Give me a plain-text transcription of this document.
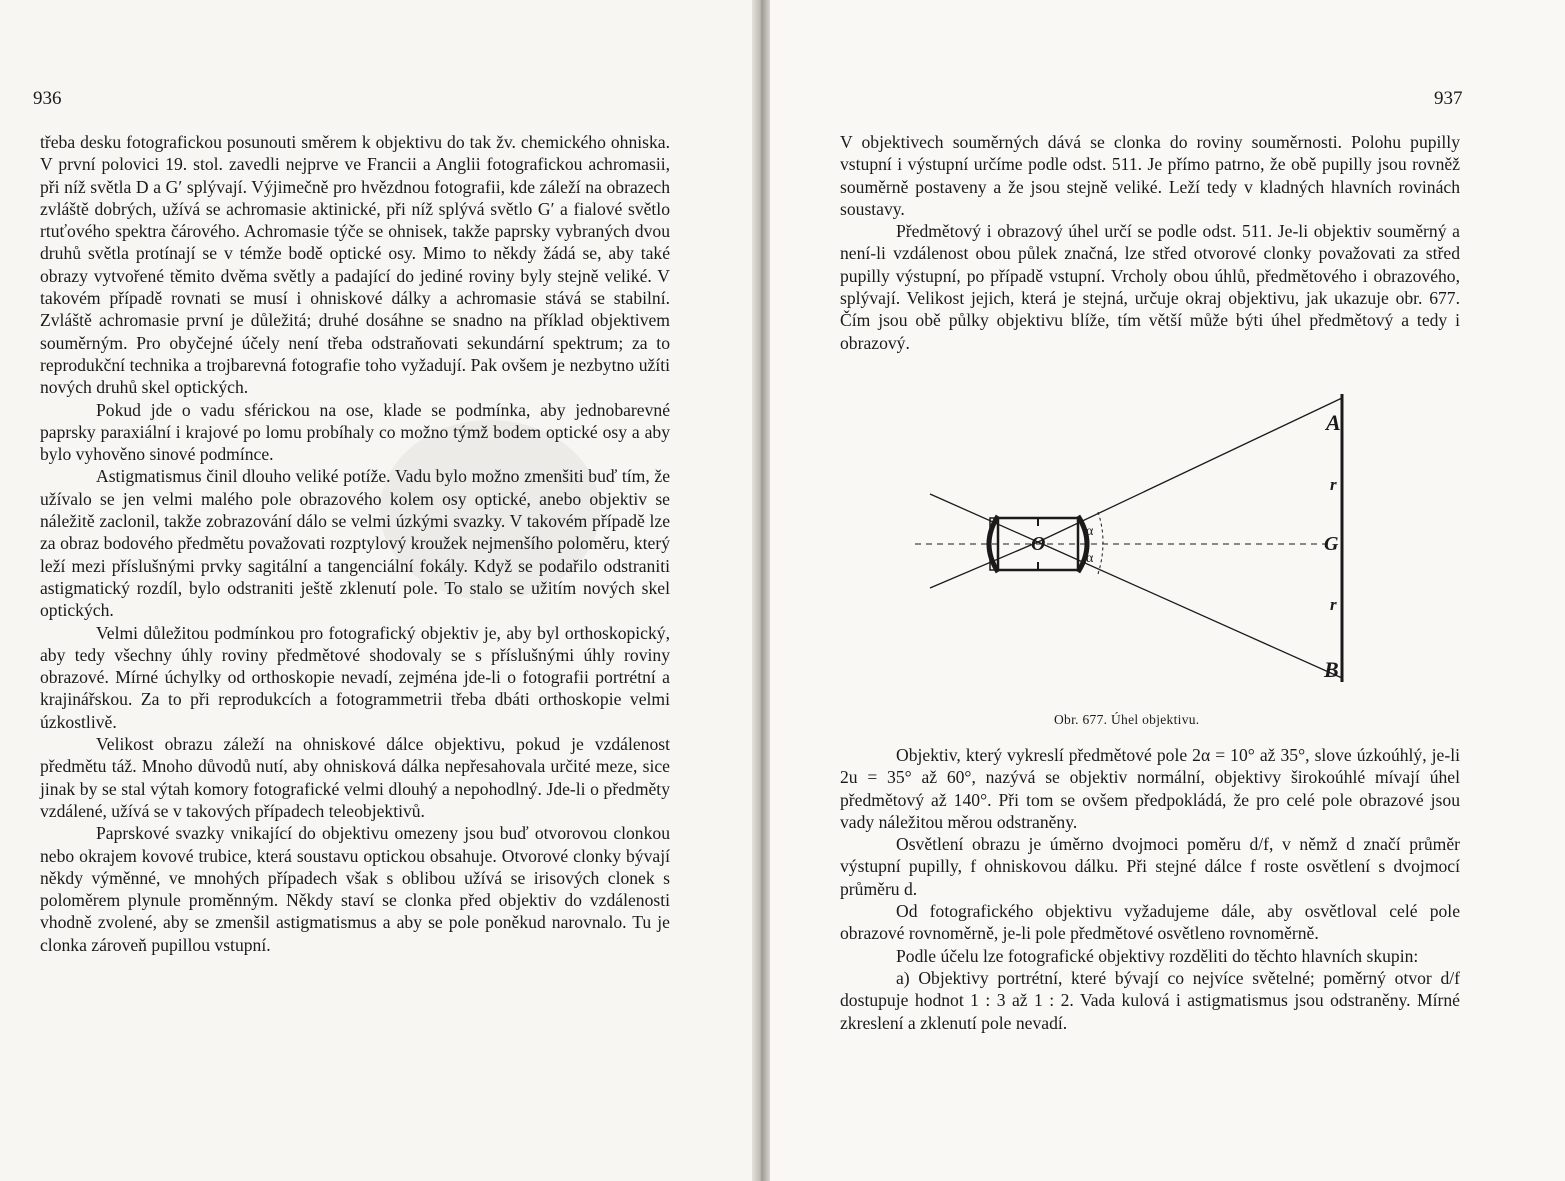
936

třeba desku fotografickou posunouti směrem k objektivu do tak žv. chemického ohniska. V první polovici 19. stol. zavedli nejprve ve Francii a Anglii fotografickou achromasii, při níž světla D a G′ splývají. Výjimečně pro hvězdnou fotografii, kde záleží na obrazech zvláště dobrých, užívá se achromasie aktinické, při níž splývá světlo G′ a fialové světlo rtuťového spektra čárového. Achromasie týče se ohnisek, takže paprsky vybraných dvou druhů světla protínají se v témže bodě optické osy. Mimo to někdy žádá se, aby také obrazy vytvořené těmito dvěma světly a padající do jediné roviny byly stejně veliké. V takovém případě rovnati se musí i ohniskové dálky a achromasie stává se stabilní. Zvláště achromasie první je důležitá; druhé dosáhne se snadno na příklad objektivem souměrným. Pro obyčejné účely není třeba odstraňovati sekundární spektrum; za to reprodukční technika a trojbarevná fotografie toho vyžadují. Pak ovšem je nezbytno užíti nových druhů skel optických.

Pokud jde o vadu sférickou na ose, klade se podmínka, aby jednobarevné paprsky paraxiální i krajové po lomu probíhaly co možno týmž bodem optické osy a aby bylo vyhověno sinové podmínce.

Astigmatismus činil dlouho veliké potíže. Vadu bylo možno zmenšiti buď tím, že užívalo se jen velmi malého pole obrazového kolem osy optické, anebo objektiv se náležitě zaclonil, takže zobrazování dálo se velmi úzkými svazky. V takovém případě lze za obraz bodového předmětu považovati rozptylový kroužek nejmenšího poloměru, který leží mezi příslušnými prvky sagitální a tangenciální fokály. Když se podařilo odstraniti astigmatický rozdíl, bylo odstraniti ještě zklenutí pole. To stalo se užitím nových skel optických.

Velmi důležitou podmínkou pro fotografický objektiv je, aby byl orthoskopický, aby tedy všechny úhly roviny předmětové shodovaly se s příslušnými úhly roviny obrazové. Mírné úchylky od orthoskopie nevadí, zejména jde-li o fotografii portrétní a krajinářskou. Za to při reprodukcích a fotogrammetrii třeba dbáti orthoskopie velmi úzkostlivě.

Velikost obrazu záleží na ohniskové dálce objektivu, pokud je vzdálenost předmětu táž. Mnoho důvodů nutí, aby ohnisková dálka nepřesahovala určité meze, sice jinak by se stal výtah komory fotografické velmi dlouhý a nepohodlný. Jde-li o předměty vzdálené, užívá se v takových případech teleobjektivů.

Paprskové svazky vnikající do objektivu omezeny jsou buď otvorovou clonkou nebo okrajem kovové trubice, která soustavu optickou obsahuje. Otvorové clonky bývají někdy výměnné, ve mnohých případech však s oblibou užívá se irisových clonek s poloměrem plynule proměnným. Někdy staví se clonka před objektiv do vzdálenosti vhodně zvolené, aby se zmenšil astigmatismus a aby se pole poněkud narovnalo. Tu je clonka zároveň pupillou vstupní.

937

V objektivech souměrných dává se clonka do roviny souměrnosti. Polohu pupilly vstupní i výstupní určíme podle odst. 511. Je přímo patrno, že obě pupilly jsou rovněž souměrně postaveny a že jsou stejně veliké. Leží tedy v kladných hlavních rovinách soustavy.

Předmětový i obrazový úhel určí se podle odst. 511. Je-li objektiv souměrný a není-li vzdálenost obou půlek značná, lze střed otvorové clonky považovati za střed pupilly výstupní, po případě vstupní. Vrcholy obou úhlů, předmětového i obrazového, splývají. Velikost jejich, která je stejná, určuje okraj objektivu, jak ukazuje obr. 677. Čím jsou obě půlky objektivu blíže, tím větší může býti úhel předmětový a tedy i obrazový.

A
r
G
r
B
O
α
α
Obr. 677. Úhel objektivu.

Objektiv, který vykreslí předmětové pole 2α = 10° až 35°, slove úzkoúhlý, je-li 2u = 35° až 60°, nazývá se objektiv normální, objektivy širokoúhlé mívají úhel předmětový až 140°. Při tom se ovšem předpokládá, že pro celé pole obrazové jsou vady náležitou měrou odstraněny.

Osvětlení obrazu je úměrno dvojmoci poměru d/f, v němž d značí průměr výstupní pupilly, f ohniskovou dálku. Při stejné dálce f roste osvětlení s dvojmocí průměru d.

Od fotografického objektivu vyžadujeme dále, aby osvětloval celé pole obrazové rovnoměrně, je-li pole předmětové osvětleno rovnoměrně.

Podle účelu lze fotografické objektivy rozděliti do těchto hlavních skupin:

a) Objektivy portrétní, které bývají co nejvíce světelné; poměrný otvor d/f dostupuje hodnot 1 : 3 až 1 : 2. Vada kulová i astigmatismus jsou odstraněny. Mírné zkreslení a zklenutí pole nevadí.
